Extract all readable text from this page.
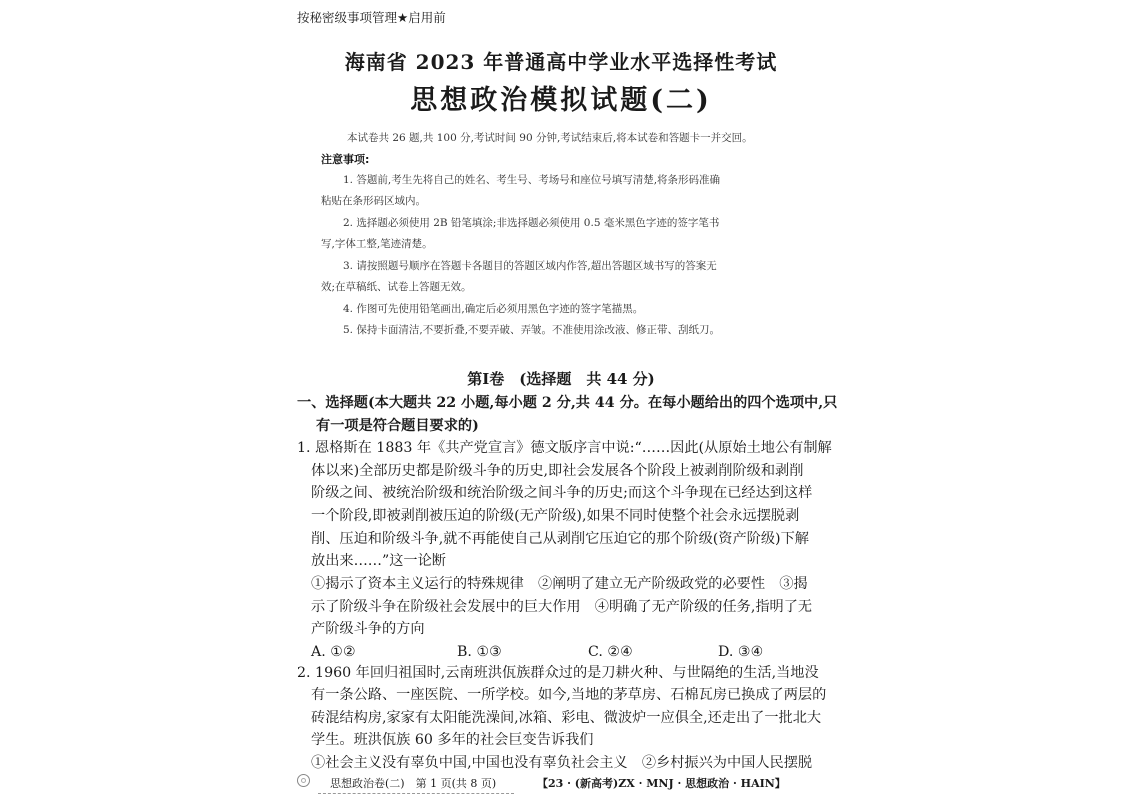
按秘密级事项管理★启用前
海南省 2023 年普通高中学业水平选择性考试
思想政治模拟试题(二)
本试卷共 26 题,共 100 分,考试时间 90 分钟,考试结束后,将本试卷和答题卡一并交回。
注意事项:
1. 答题前,考生先将自己的姓名、考生号、考场号和座位号填写清楚,将条形码准确
粘贴在条形码区域内。
2. 选择题必须使用 2B 铅笔填涂;非选择题必须使用 0.5 毫米黑色字迹的签字笔书
写,字体工整,笔迹清楚。
3. 请按照题号顺序在答题卡各题目的答题区域内作答,超出答题区域书写的答案无
效;在草稿纸、试卷上答题无效。
4. 作图可先使用铅笔画出,确定后必须用黑色字迹的签字笔描黑。
5. 保持卡面清洁,不要折叠,不要弄破、弄皱。不准使用涂改液、修正带、刮纸刀。
第Ⅰ卷　(选择题　共 44 分)
一、选择题(本大题共 22 小题,每小题 2 分,共 44 分。在每小题给出的四个选项中,只
有一项是符合题目要求的)
1. 恩格斯在 1883 年《共产党宣言》德文版序言中说:“……因此(从原始土地公有制解
体以来)全部历史都是阶级斗争的历史,即社会发展各个阶段上被剥削阶级和剥削
阶级之间、被统治阶级和统治阶级之间斗争的历史;而这个斗争现在已经达到这样
一个阶段,即被剥削被压迫的阶级(无产阶级),如果不同时使整个社会永远摆脱剥
削、压迫和阶级斗争,就不再能使自己从剥削它压迫它的那个阶级(资产阶级)下解
放出来……”这一论断
①揭示了资本主义运行的特殊规律　②阐明了建立无产阶级政党的必要性　③揭
示了阶级斗争在阶级社会发展中的巨大作用　④明确了无产阶级的任务,指明了无
产阶级斗争的方向
A. ①②	B. ①③	C. ②④	D. ③④
2. 1960 年回归祖国时,云南班洪佤族群众过的是刀耕火种、与世隔绝的生活,当地没
有一条公路、一座医院、一所学校。如今,当地的茅草房、石棉瓦房已换成了两层的
砖混结构房,家家有太阳能洗澡间,冰箱、彩电、微波炉一应俱全,还走出了一批北大
学生。班洪佤族 60 多年的社会巨变告诉我们
①社会主义没有辜负中国,中国也没有辜负社会主义　②乡村振兴为中国人民摆脱
思想政治卷(二)　第 1 页(共 8 页)	【23 · (新高考)ZX · MNJ · 思想政治 · HAIN】
